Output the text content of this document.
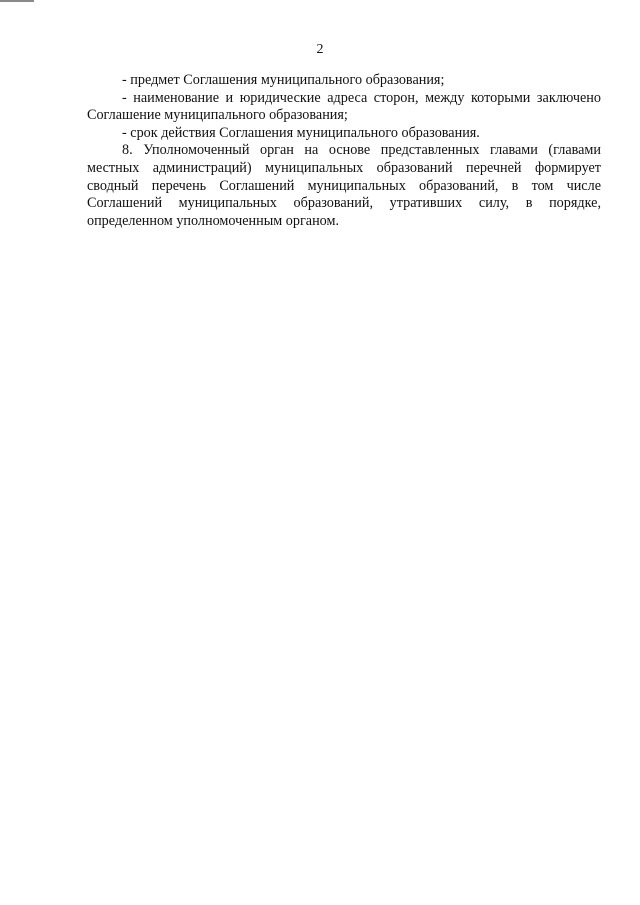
2

- предмет Соглашения муниципального образования;

- наименование и юридические адреса сторон, между которыми заключено Соглашение муниципального образования;

- срок действия Соглашения муниципального образования.

8. Уполномоченный орган на основе представленных главами (главами местных администраций) муниципальных образований перечней формирует сводный перечень Соглашений муниципальных образований, в том числе Соглашений муниципальных образований, утративших силу, в порядке, определенном уполномоченным органом.
